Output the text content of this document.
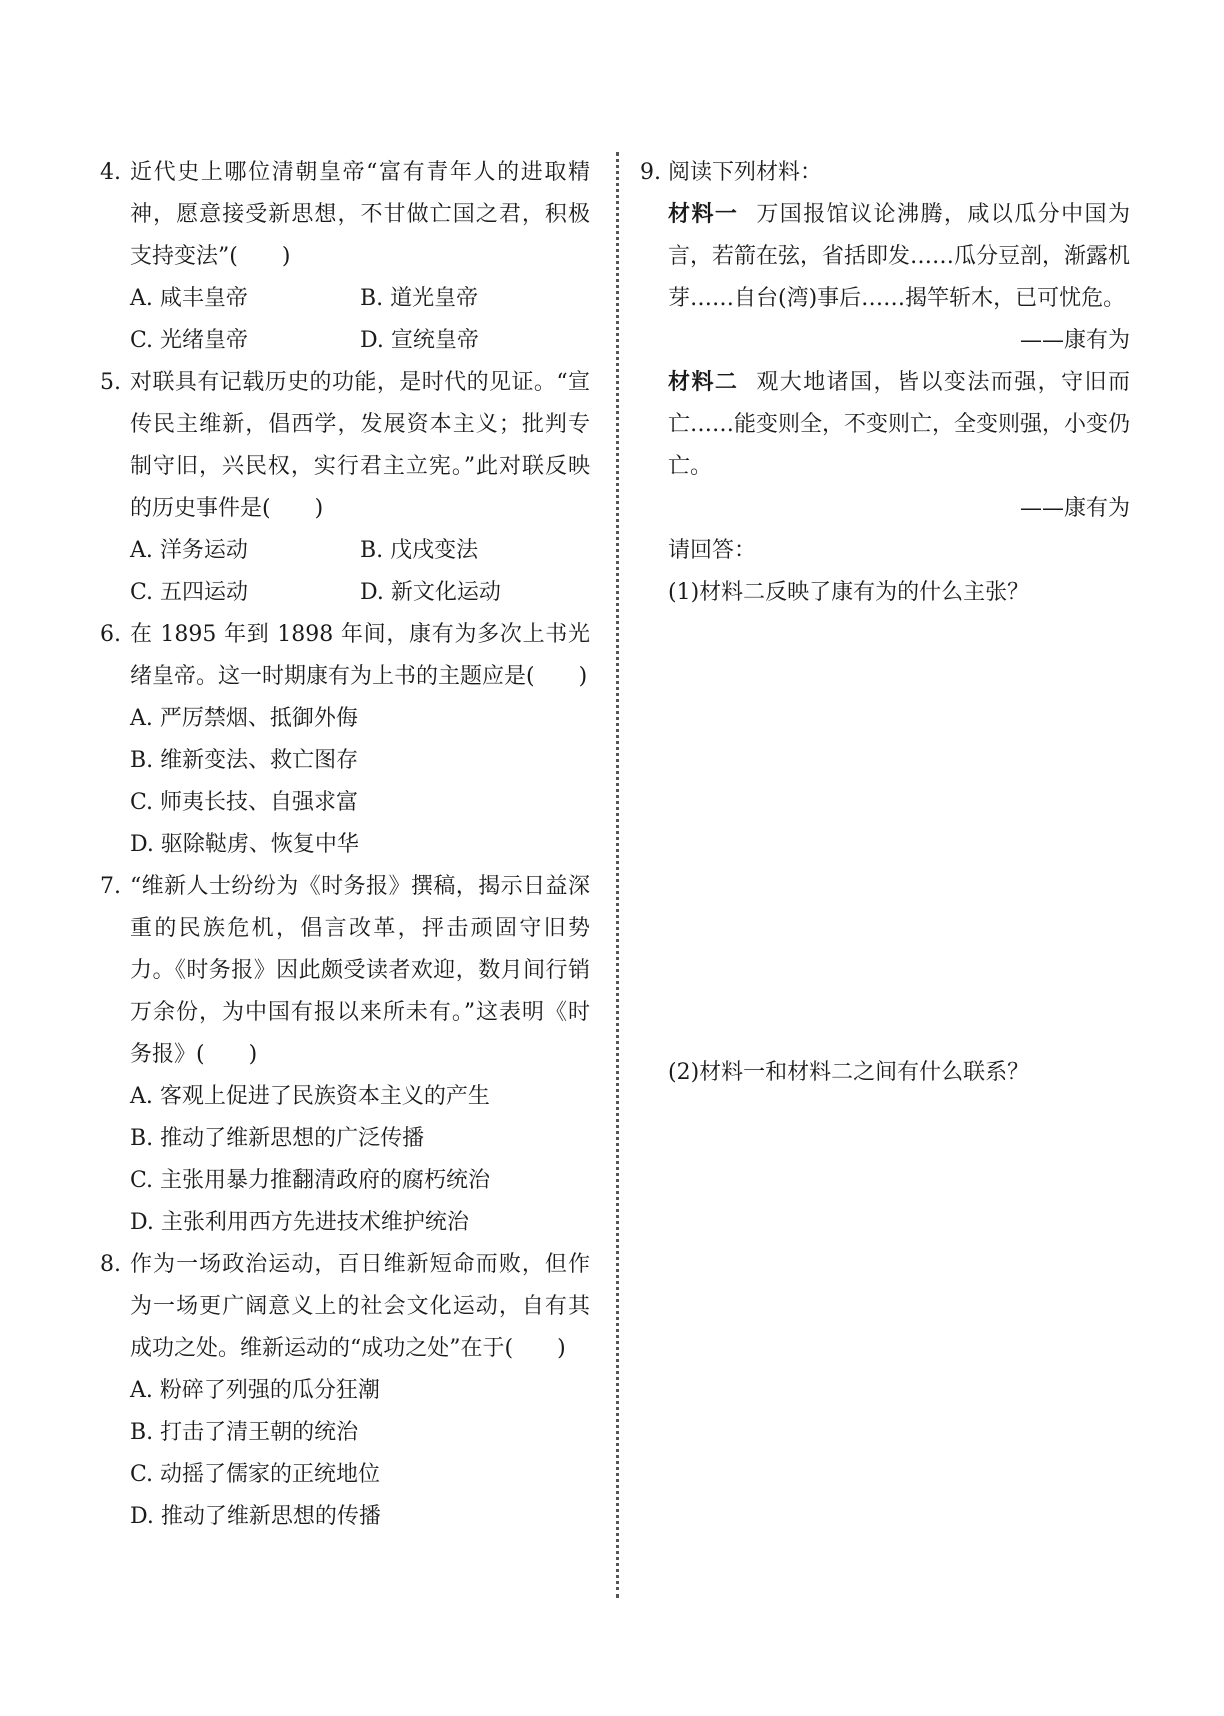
4. 近代史上哪位清朝皇帝“富有青年人的进取精神，愿意接受新思想，不甘做亡国之君，积极支持变法”(　　)

A. 咸丰皇帝	B. 道光皇帝
C. 光绪皇帝	D. 宣统皇帝

5. 对联具有记载历史的功能，是时代的见证。“宣传民主维新，倡西学，发展资本主义；批判专制守旧，兴民权，实行君主立宪。”此对联反映的历史事件是(　　)

A. 洋务运动	B. 戊戌变法
C. 五四运动	D. 新文化运动

6. 在 1895 年到 1898 年间，康有为多次上书光绪皇帝。这一时期康有为上书的主题应是(　　)

A. 严厉禁烟、抵御外侮
B. 维新变法、救亡图存
C. 师夷长技、自强求富
D. 驱除鞑虏、恢复中华

7. “维新人士纷纷为《时务报》撰稿，揭示日益深重的民族危机，倡言改革，抨击顽固守旧势力。《时务报》因此颇受读者欢迎，数月间行销万余份，为中国有报以来所未有。”这表明《时务报》(　　)

A. 客观上促进了民族资本主义的产生
B. 推动了维新思想的广泛传播
C. 主张用暴力推翻清政府的腐朽统治
D. 主张利用西方先进技术维护统治

8. 作为一场政治运动，百日维新短命而败，但作为一场更广阔意义上的社会文化运动，自有其成功之处。维新运动的“成功之处”在于(　　)

A. 粉碎了列强的瓜分狂潮
B. 打击了清王朝的统治
C. 动摇了儒家的正统地位
D. 推动了维新思想的传播
9. 阅读下列材料：
材料一 万国报馆议论沸腾，咸以瓜分中国为言，若箭在弦，省括即发……瓜分豆剖，渐露机芽……自台(湾)事后……揭竿斩木，已可忧危。
——康有为
材料二 观大地诸国，皆以变法而强，守旧而亡……能变则全，不变则亡，全变则强，小变仍亡。
——康有为
请回答：
(1)材料二反映了康有为的什么主张？
(2)材料一和材料二之间有什么联系？
